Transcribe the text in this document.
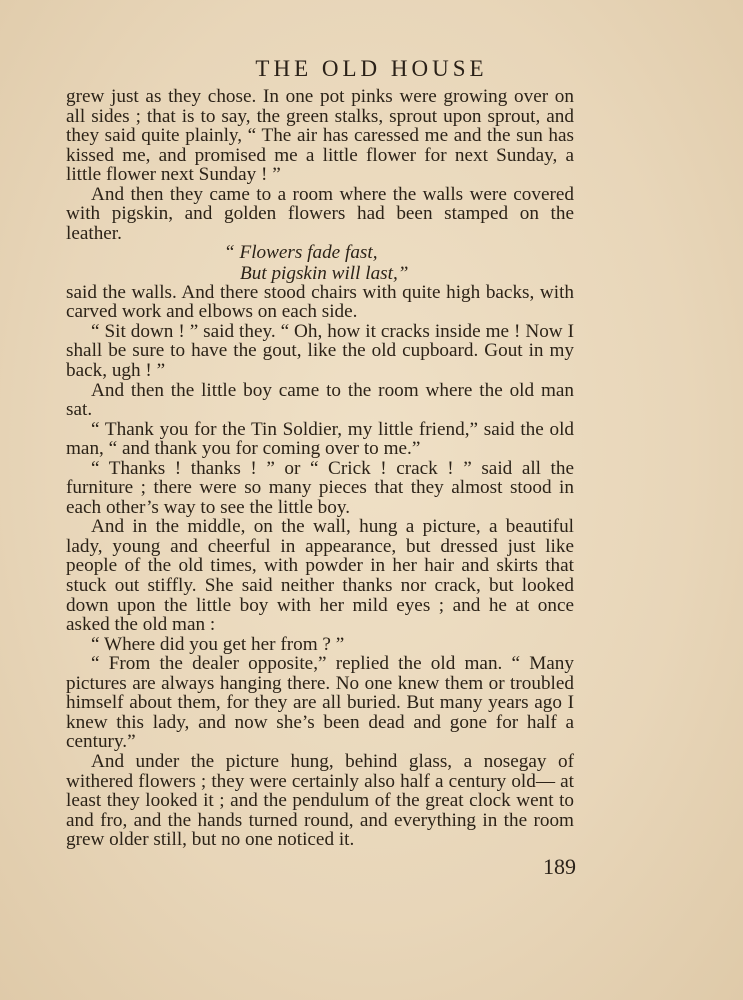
THE OLD HOUSE

grew just as they chose. In one pot pinks were growing over on all sides ; that is to say, the green stalks, sprout upon sprout, and they said quite plainly, “ The air has caressed me and the sun has kissed me, and promised me a little flower for next Sunday, a little flower next Sunday ! ”

And then they came to a room where the walls were covered with pigskin, and golden flowers had been stamped on the

leather.
“ Flowers fade fast,
But pigskin will last,”

said the walls. And there stood chairs with quite high backs, with carved work and elbows on each side.

“ Sit down ! ” said they. “ Oh, how it cracks inside me ! Now I shall be sure to have the gout, like the old cupboard. Gout in my back, ugh ! ”

And then the little boy came to the room where the old man sat.

“ Thank you for the Tin Soldier, my little friend,” said the old man, “ and thank you for coming over to me.”

“ Thanks ! thanks ! ” or “ Crick ! crack ! ” said all the furniture ; there were so many pieces that they almost stood in each other’s way to see the little boy.

And in the middle, on the wall, hung a picture, a beautiful lady, young and cheerful in appearance, but dressed just like people of the old times, with powder in her hair and skirts that stuck out stiffly. She said neither thanks nor crack, but looked down upon the little boy with her mild eyes ; and he at once asked the old man :

“ Where did you get her from ? ”

“ From the dealer opposite,” replied the old man. “ Many pictures are always hanging there. No one knew them or troubled himself about them, for they are all buried. But many years ago I knew this lady, and now she’s been dead and gone for half a century.”

And under the picture hung, behind glass, a nosegay of withered flowers ; they were certainly also half a century old— at least they looked it ; and the pendulum of the great clock went to and fro, and the hands turned round, and everything in the room grew older still, but no one noticed it.

189
